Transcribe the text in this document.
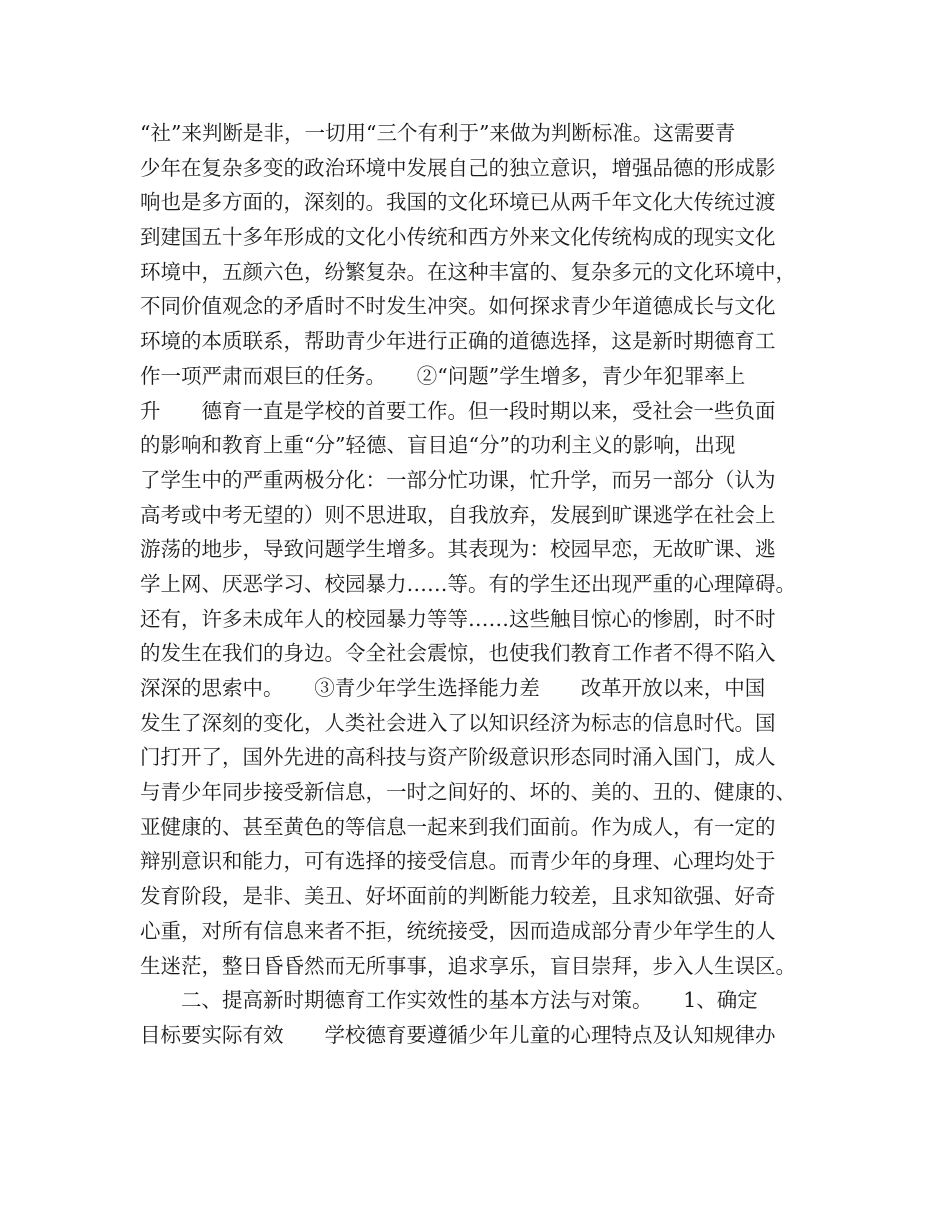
“社”来判断是非，一切用“三个有利于”来做为判断标准。这需要青
少年在复杂多变的政治环境中发展自己的独立意识，增强品德的形成影
响也是多方面的，深刻的。我国的文化环境已从两千年文化大传统过渡
到建国五十多年形成的文化小传统和西方外来文化传统构成的现实文化
环境中，五颜六色，纷繁复杂。在这种丰富的、复杂多元的文化环境中，
不同价值观念的矛盾时不时发生冲突。如何探求青少年道德成长与文化
环境的本质联系，帮助青少年进行正确的道德选择，这是新时期德育工
作一项严肃而艰巨的任务。　　②“问题”学生增多，青少年犯罪率上
升　　德育一直是学校的首要工作。但一段时期以来，受社会一些负面
的影响和教育上重“分”轻德、盲目追“分”的功利主义的影响，出现
了学生中的严重两极分化：一部分忙功课，忙升学，而另一部分（认为
高考或中考无望的）则不思进取，自我放弃，发展到旷课逃学在社会上
游荡的地步，导致问题学生增多。其表现为：校园早恋，无故旷课、逃
学上网、厌恶学习、校园暴力……等。有的学生还出现严重的心理障碍。
还有，许多未成年人的校园暴力等等……这些触目惊心的惨剧，时不时
的发生在我们的身边。令全社会震惊，也使我们教育工作者不得不陷入
深深的思索中。　　③青少年学生选择能力差　　改革开放以来，中国
发生了深刻的变化，人类社会进入了以知识经济为标志的信息时代。国
门打开了，国外先进的高科技与资产阶级意识形态同时涌入国门，成人
与青少年同步接受新信息，一时之间好的、坏的、美的、丑的、健康的、
亚健康的、甚至黄色的等信息一起来到我们面前。作为成人，有一定的
辩别意识和能力，可有选择的接受信息。而青少年的身理、心理均处于
发育阶段，是非、美丑、好坏面前的判断能力较差，且求知欲强、好奇
心重，对所有信息来者不拒，统统接受，因而造成部分青少年学生的人
生迷茫，整日昏昏然而无所事事，追求享乐，盲目崇拜，步入人生误区。
　　二、提高新时期德育工作实效性的基本方法与对策。　　1、确定
目标要实际有效　　学校德育要遵循少年儿童的心理特点及认知规律办
